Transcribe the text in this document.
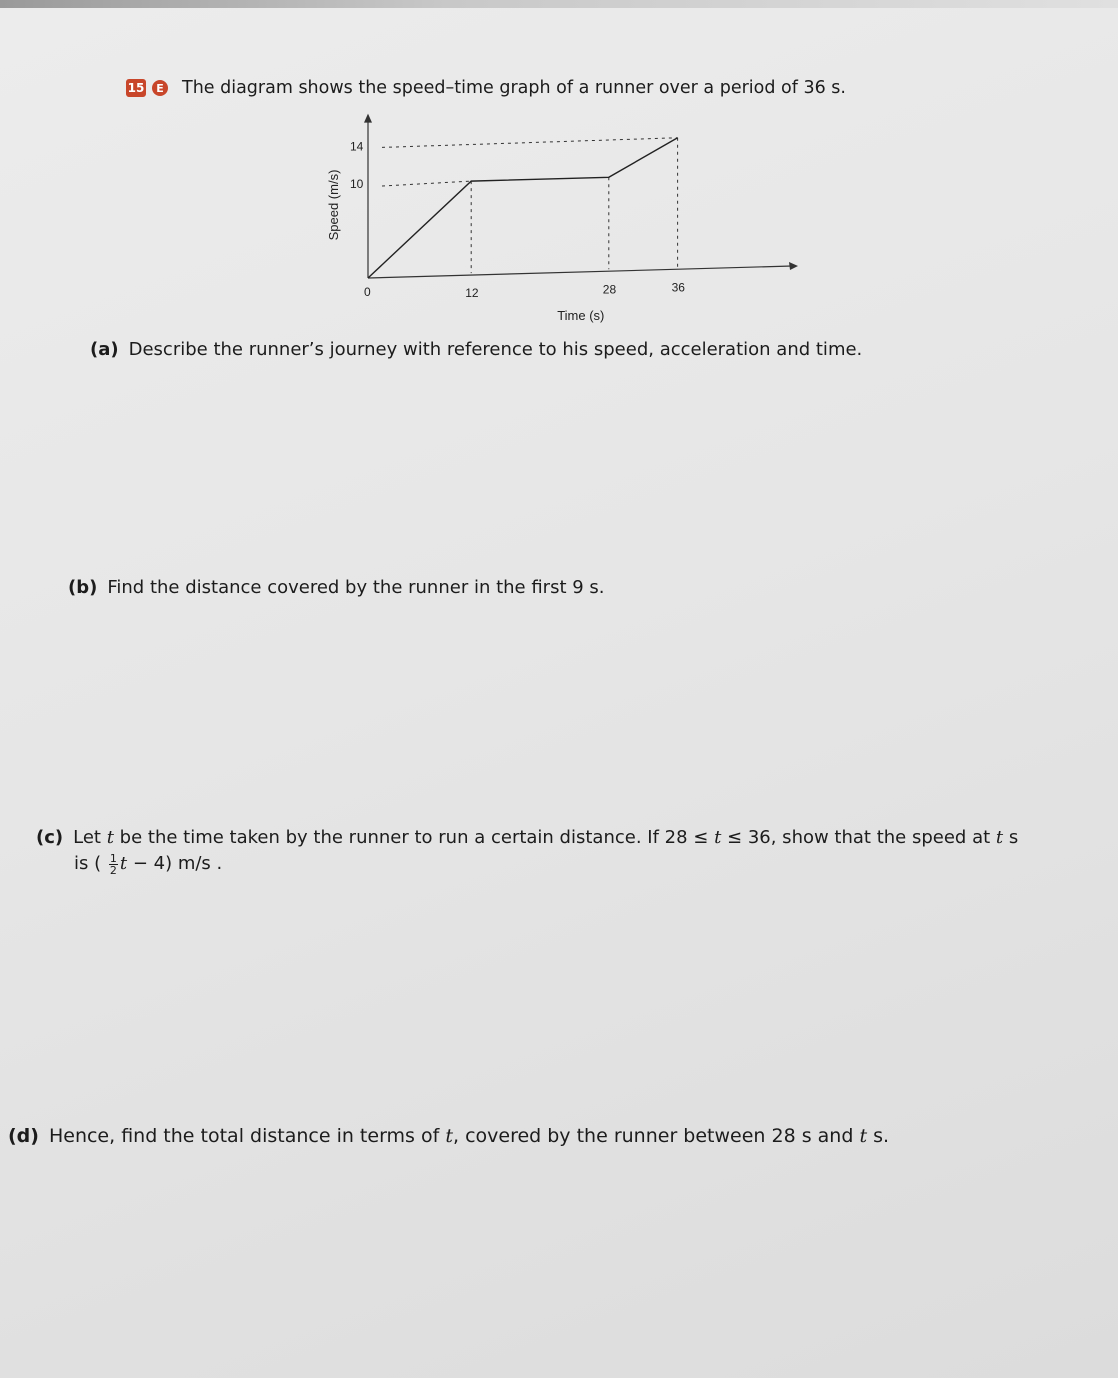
15	E The diagram shows the speed–time graph of a runner over a period of 36 s.
0	12	28	36
10
14
Time (s)
Speed (m/s)
(a) Describe the runner’s journey with reference to his speed, acceleration and time.
(b) Find the distance covered by the runner in the first 9 s.
(c) Let t be the time taken by the runner to run a certain distance. If 28 ≤ t ≤ 36, show that the speed at t s
is ( $\frac{1}{2}$ t − 4) m/s .
(d) Hence, find the total distance in terms of t, covered by the runner between 28 s and t s.
